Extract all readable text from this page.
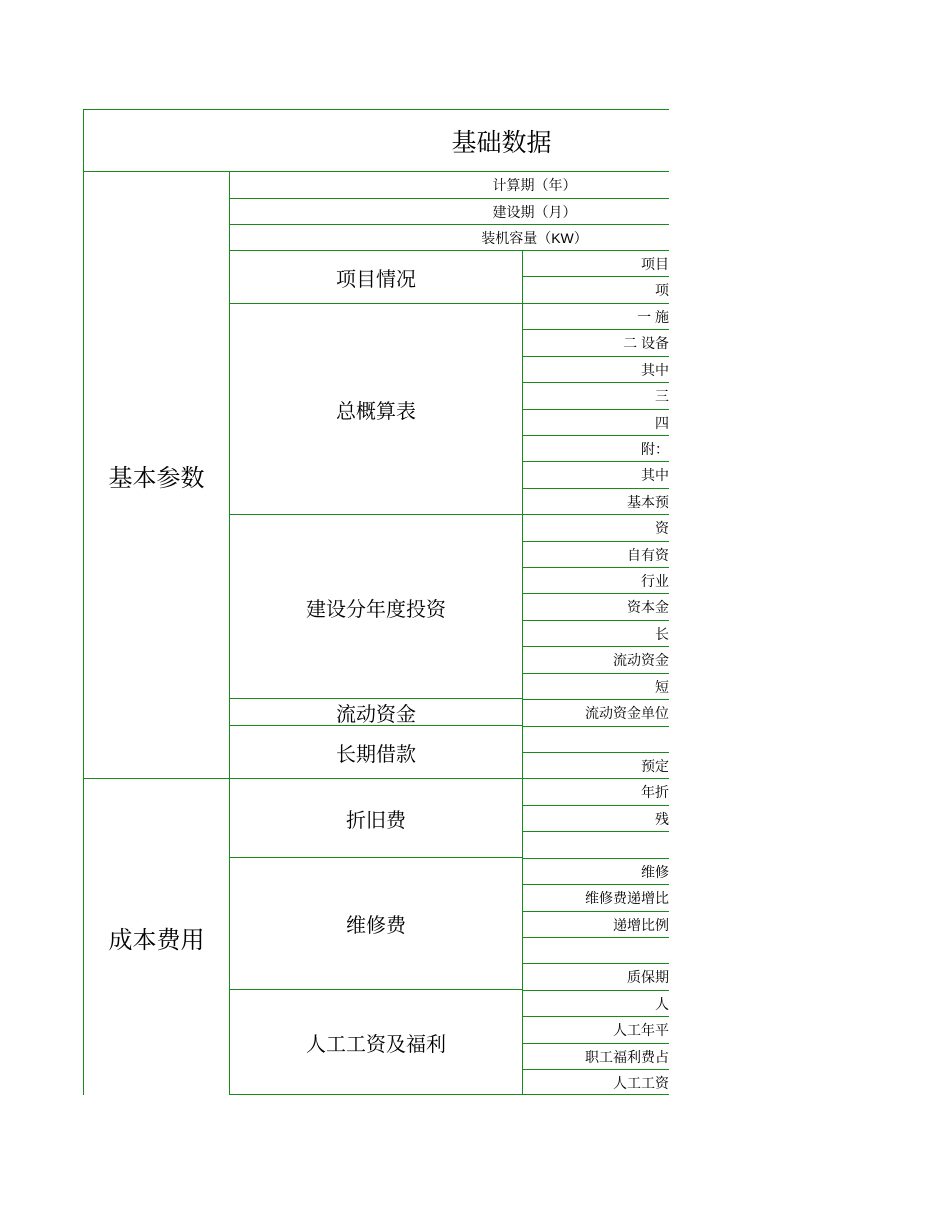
基础数据
基本参数
成本费用
计算期（年）
建设期（月）
装机容量（KW）
项目情况
总概算表
建设分年度投资
流动资金
长期借款
折旧费
维修费
人工工资及福利
项目
项
一 施
二 设备
其中
三
四
附：
其中
基本预
资
自有资
行业
资本金
长
流动资金
短
流动资金单位
预定
年折
残
维修
维修费递增比
递增比例
质保期
人
人工年平
职工福利费占
人工工资
